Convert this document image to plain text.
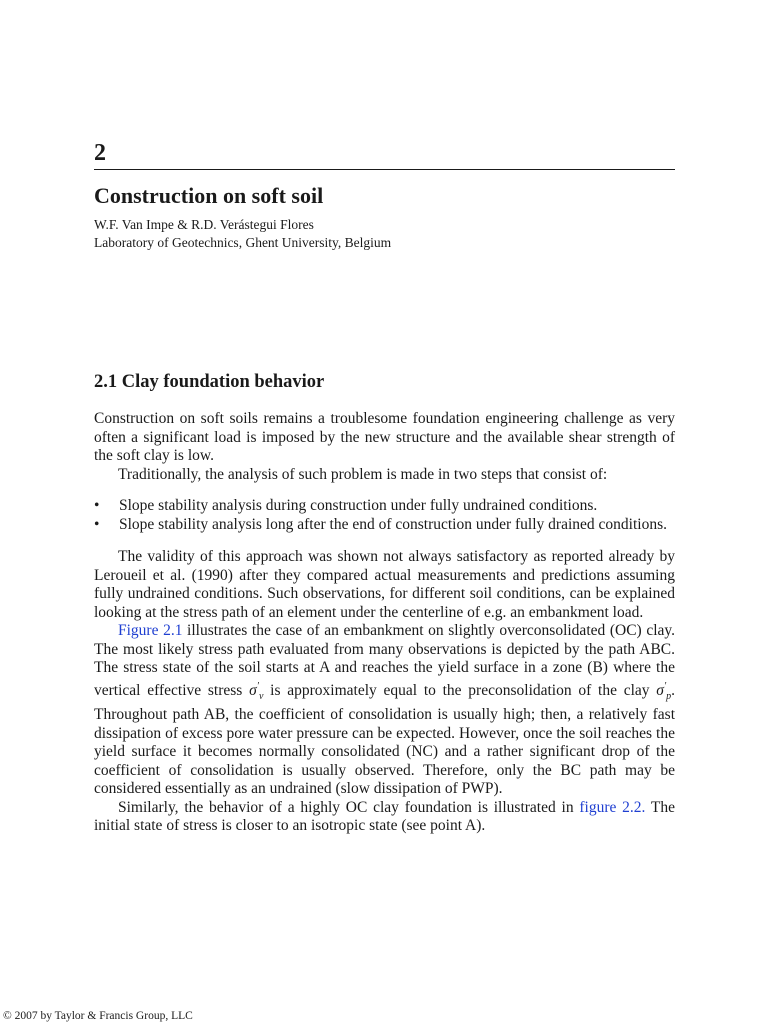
2
Construction on soft soil
W.F. Van Impe & R.D. Verástegui Flores
Laboratory of Geotechnics, Ghent University, Belgium
2.1 Clay foundation behavior

Construction on soft soils remains a troublesome foundation engineering challenge as very often a significant load is imposed by the new structure and the available shear strength of the soft clay is low.

Traditionally, the analysis of such problem is made in two steps that consist of:

• Slope stability analysis during construction under fully undrained conditions.
• Slope stability analysis long after the end of construction under fully drained conditions.

The validity of this approach was shown not always satisfactory as reported already by Leroueil et al. (1990) after they compared actual measurements and predictions assuming fully undrained conditions. Such observations, for different soil conditions, can be explained looking at the stress path of an element under the centerline of e.g. an embankment load.

Figure 2.1 illustrates the case of an embankment on slightly overconsolidated (OC) clay. The most likely stress path evaluated from many observations is depicted by the path ABC. The stress state of the soil starts at A and reaches the yield surface in a zone (B) where the vertical effective stress $\sigma'_v$ is approximately equal to the preconsolidation of the clay $\sigma'_p$. Throughout path AB, the coefficient of consolidation is usually high; then, a relatively fast dissipation of excess pore water pressure can be expected. However, once the soil reaches the yield surface it becomes normally consolidated (NC) and a rather significant drop of the coefficient of consolidation is usually observed. Therefore, only the BC path may be considered essentially as an undrained (slow dissipation of PWP).

Similarly, the behavior of a highly OC clay foundation is illustrated in figure 2.2. The initial state of stress is closer to an isotropic state (see point A).

© 2007 by Taylor & Francis Group, LLC
